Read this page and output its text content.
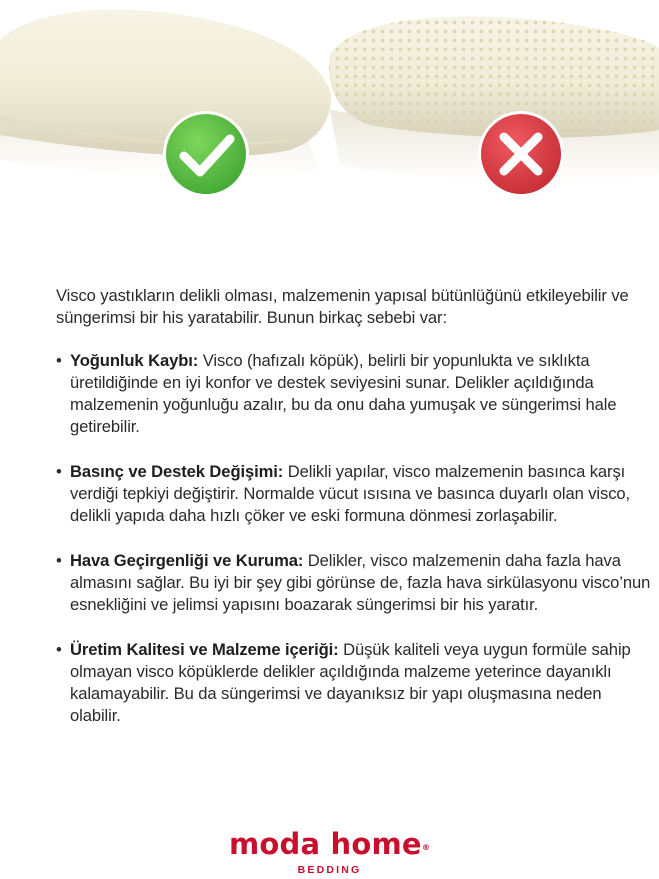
Visco yastıkların delikli olması, malzemenin yapısal bütünlüğünü etkileyebilir ve süngerimsi bir his yaratabilir. Bunun birkaç sebebi var:

• Yoğunluk Kaybı: Visco (hafızalı köpük), belirli bir yopunlukta ve sıklıkta üretildiğinde en iyi konfor ve destek seviyesini sunar. Delikler açıldığında malzemenin yoğunluğu azalır, bu da onu daha yumuşak ve süngerimsi hale getirebilir.
• Basınç ve Destek Değişimi: Delikli yapılar, visco malzemenin basınca karşı verdiği tepkiyi değiştirir. Normalde vücut ısısına ve basınca duyarlı olan visco, delikli yapıda daha hızlı çöker ve eski formuna dönmesi zorlaşabilir.
• Hava Geçirgenliği ve Kuruma: Delikler, visco malzemenin daha fazla hava almasını sağlar. Bu iyi bir şey gibi görünse de, fazla hava sirkülasyonu visco’nun esnekliğini ve jelimsi yapısını boazarak süngerimsi bir his yaratır.
• Üretim Kalitesi ve Malzeme içeriği: Düşük kaliteli veya uygun formüle sahip olmayan visco köpüklerde delikler açıldığında malzeme yeterince dayanıklı kalamayabilir. Bu da süngerimsi ve dayanıksız bir yapı oluşmasına neden olabilir.
moda home®
BEDDING
